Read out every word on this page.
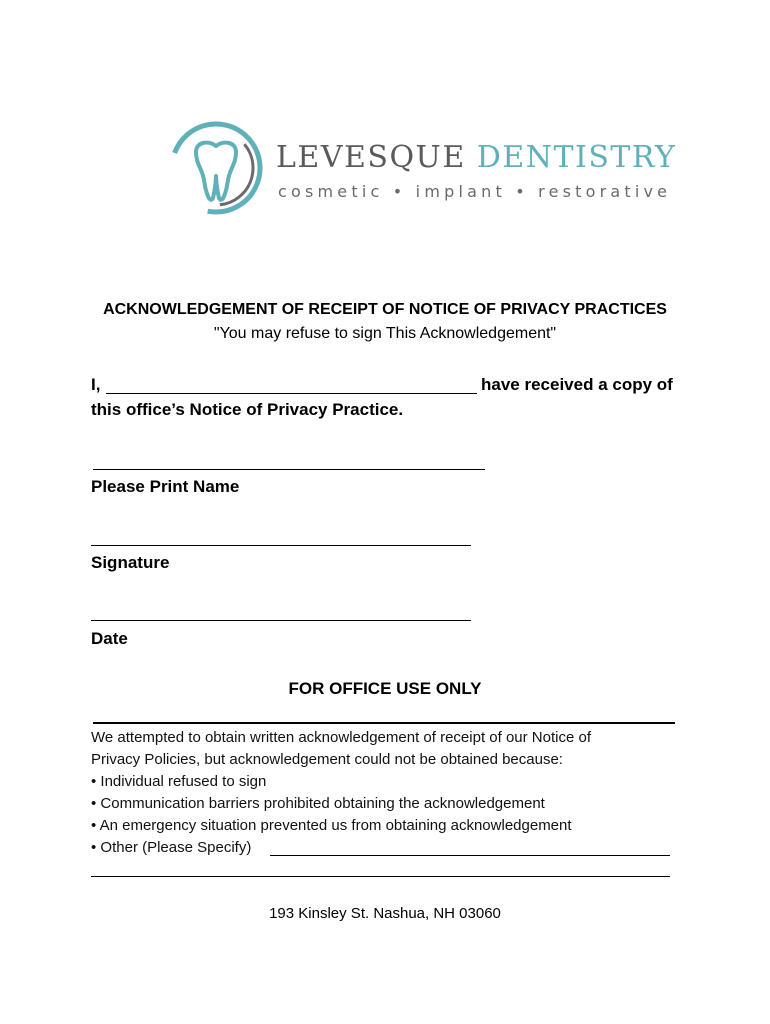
LEVESQUE DENTISTRY
cosmetic • implant • restorative
ACKNOWLEDGEMENT OF RECEIPT OF NOTICE OF PRIVACY PRACTICES
"You may refuse to sign This Acknowledgement"
I,	have received a copy of
this office’s Notice of Privacy Practice.
Please Print Name
Signature
Date
FOR OFFICE USE ONLY
We attempted to obtain written acknowledgement of receipt of our Notice of
Privacy Policies, but acknowledgement could not be obtained because:
• Individual refused to sign
• Communication barriers prohibited obtaining the acknowledgement
• An emergency situation prevented us from obtaining acknowledgement
• Other (Please Specify)
193 Kinsley St. Nashua, NH 03060
